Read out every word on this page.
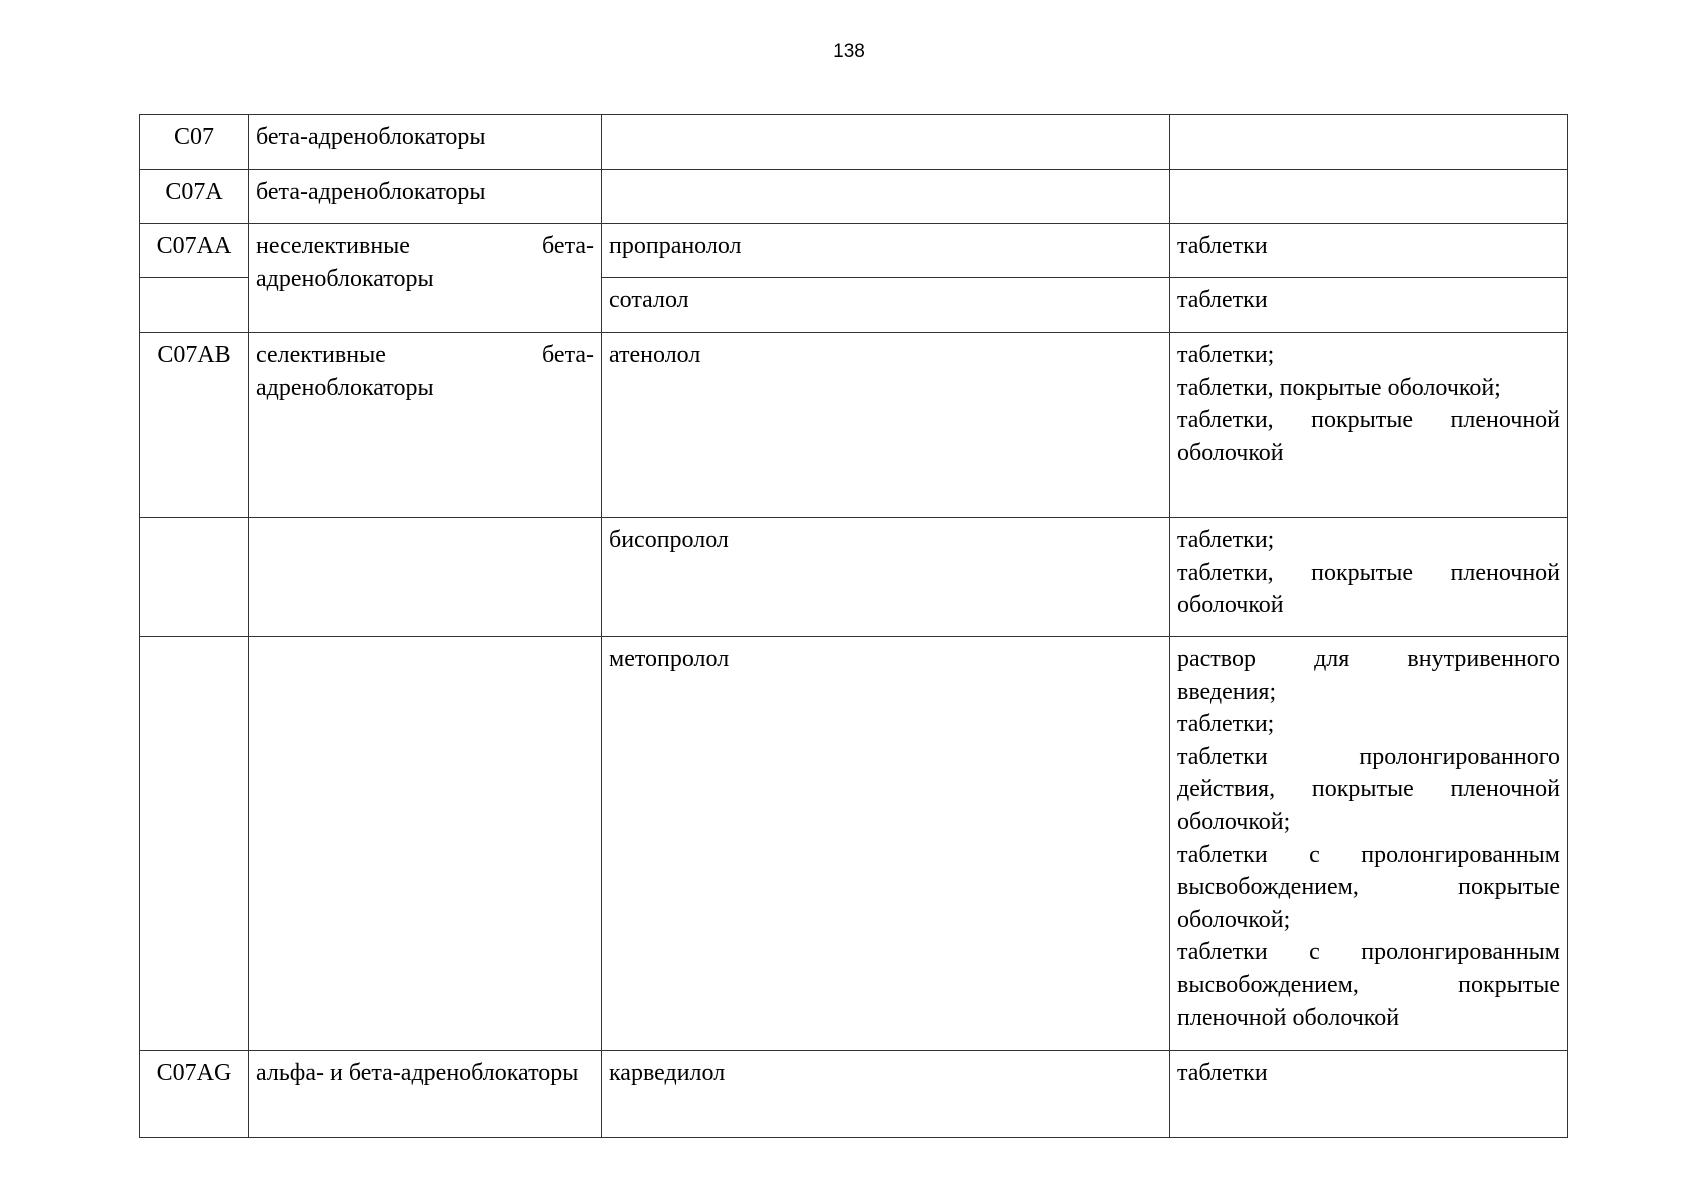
138
C07	бета-адреноблокаторы		
C07A	бета-адреноблокаторы		
C07AA	неселективные бета-адреноблокаторы	пропранолол	таблетки
		соталол	таблетки
C07AB	селективные бета-адреноблокаторы	атенолол	таблетки;
таблетки, покрытые оболочкой;
таблетки, покрытые пленочной оболочкой

		бисопролол	таблетки;
таблетки, покрытые пленочной оболочкой

		метопролол	раствор для внутривенного введения;
таблетки;
таблетки пролонгированного действия, покрытые пленочной оболочкой;
таблетки с пролонгированным высвобождением, покрытые оболочкой;
таблетки с пролонгированным высвобождением, покрытые пленочной оболочкой

C07AG	альфа- и бета-адреноблокаторы	карведилол	таблетки
